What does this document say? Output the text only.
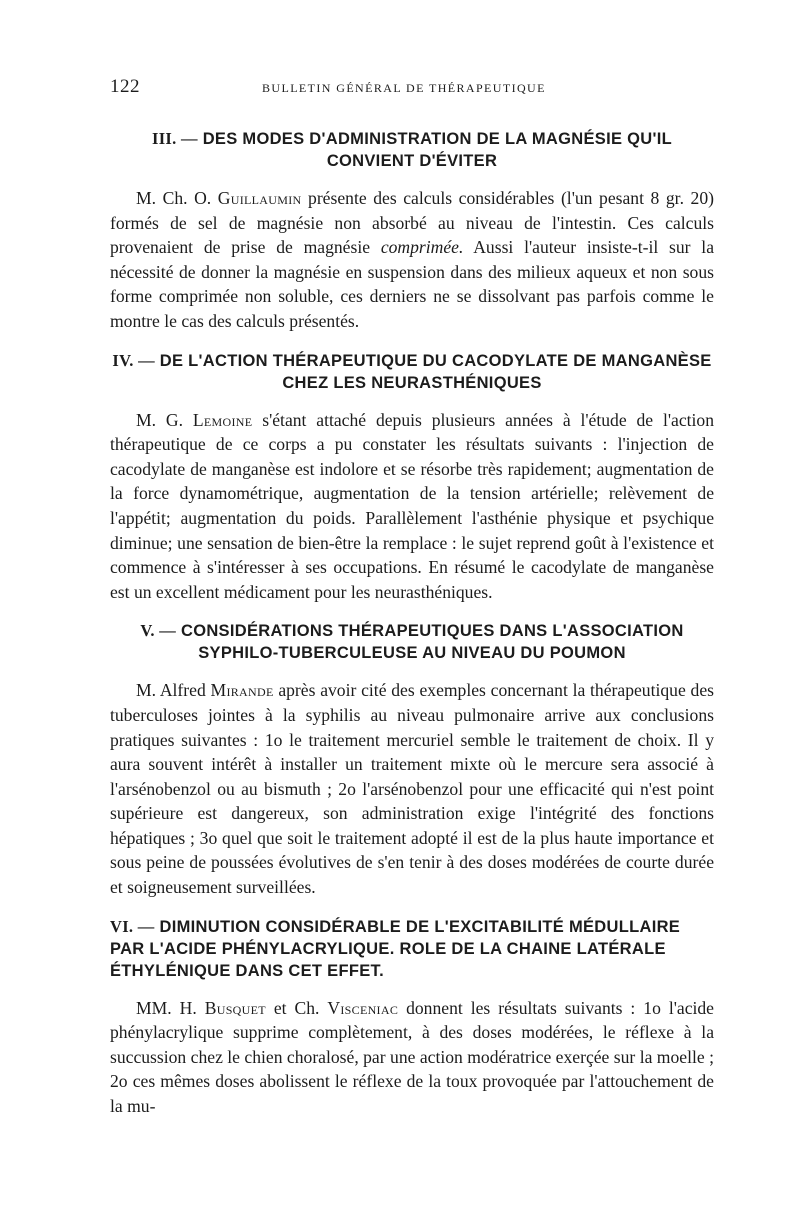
122	BULLETIN GÉNÉRAL DE THÉRAPEUTIQUE

III. — DES MODES D'ADMINISTRATION DE LA MAGNÉSIE QU'IL CONVIENT D'ÉVITER

M. Ch. O. Guillaumin présente des calculs considérables (l'un pesant 8 gr. 20) formés de sel de magnésie non absorbé au niveau de l'intestin. Ces calculs provenaient de prise de magnésie comprimée. Aussi l'auteur insiste-t-il sur la nécessité de donner la magnésie en suspension dans des milieux aqueux et non sous forme comprimée non soluble, ces derniers ne se dissolvant pas parfois comme le montre le cas des calculs présentés.

IV. — DE L'ACTION THÉRAPEUTIQUE DU CACODYLATE DE MANGANÈSE CHEZ LES NEURASTHÉNIQUES

M. G. Lemoine s'étant attaché depuis plusieurs années à l'étude de l'action thérapeutique de ce corps a pu constater les résultats suivants : l'injection de cacodylate de manganèse est indolore et se résorbe très rapidement; augmentation de la force dynamométrique, augmentation de la tension artérielle; relèvement de l'appétit; augmentation du poids. Parallèlement l'asthénie physique et psychique diminue; une sensation de bien-être la remplace : le sujet reprend goût à l'existence et commence à s'intéresser à ses occupations. En résumé le cacodylate de manganèse est un excellent médicament pour les neurasthéniques.

V. — CONSIDÉRATIONS THÉRAPEUTIQUES DANS L'ASSOCIATION SYPHILO-TUBERCULEUSE AU NIVEAU DU POUMON

M. Alfred Mirande après avoir cité des exemples concernant la thérapeutique des tuberculoses jointes à la syphilis au niveau pulmonaire arrive aux conclusions pratiques suivantes : 1o le traitement mercuriel semble le traitement de choix. Il y aura souvent intérêt à installer un traitement mixte où le mercure sera associé à l'arsénobenzol ou au bismuth ; 2o l'arsénobenzol pour une efficacité qui n'est point supérieure est dangereux, son administration exige l'intégrité des fonctions hépatiques ; 3o quel que soit le traitement adopté il est de la plus haute importance et sous peine de poussées évolutives de s'en tenir à des doses modérées de courte durée et soigneusement surveillées.

VI. — DIMINUTION CONSIDÉRABLE DE L'EXCITABILITÉ MÉDULLAIRE PAR L'ACIDE PHÉNYLACRYLIQUE. ROLE DE LA CHAINE LATÉRALE ÉTHYLÉNIQUE DANS CET EFFET.

MM. H. Busquet et Ch. Visceniac donnent les résultats suivants : 1o l'acide phénylacrylique supprime complètement, à des doses modérées, le réflexe à la succussion chez le chien choralosé, par une action modératrice exerçée sur la moelle ; 2o ces mêmes doses abolissent le réflexe de la toux provoquée par l'attouchement de la mu-
